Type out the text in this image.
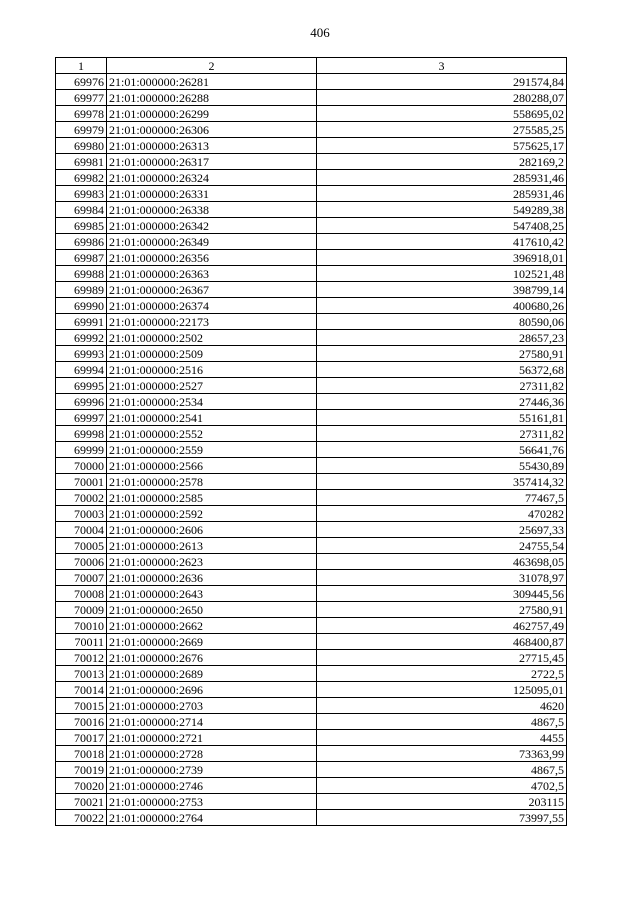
406
1	2	3
69976	21:01:000000:26281	291574,84
69977	21:01:000000:26288	280288,07
69978	21:01:000000:26299	558695,02
69979	21:01:000000:26306	275585,25
69980	21:01:000000:26313	575625,17
69981	21:01:000000:26317	282169,2
69982	21:01:000000:26324	285931,46
69983	21:01:000000:26331	285931,46
69984	21:01:000000:26338	549289,38
69985	21:01:000000:26342	547408,25
69986	21:01:000000:26349	417610,42
69987	21:01:000000:26356	396918,01
69988	21:01:000000:26363	102521,48
69989	21:01:000000:26367	398799,14
69990	21:01:000000:26374	400680,26
69991	21:01:000000:22173	80590,06
69992	21:01:000000:2502	28657,23
69993	21:01:000000:2509	27580,91
69994	21:01:000000:2516	56372,68
69995	21:01:000000:2527	27311,82
69996	21:01:000000:2534	27446,36
69997	21:01:000000:2541	55161,81
69998	21:01:000000:2552	27311,82
69999	21:01:000000:2559	56641,76
70000	21:01:000000:2566	55430,89
70001	21:01:000000:2578	357414,32
70002	21:01:000000:2585	77467,5
70003	21:01:000000:2592	470282
70004	21:01:000000:2606	25697,33
70005	21:01:000000:2613	24755,54
70006	21:01:000000:2623	463698,05
70007	21:01:000000:2636	31078,97
70008	21:01:000000:2643	309445,56
70009	21:01:000000:2650	27580,91
70010	21:01:000000:2662	462757,49
70011	21:01:000000:2669	468400,87
70012	21:01:000000:2676	27715,45
70013	21:01:000000:2689	2722,5
70014	21:01:000000:2696	125095,01
70015	21:01:000000:2703	4620
70016	21:01:000000:2714	4867,5
70017	21:01:000000:2721	4455
70018	21:01:000000:2728	73363,99
70019	21:01:000000:2739	4867,5
70020	21:01:000000:2746	4702,5
70021	21:01:000000:2753	203115
70022	21:01:000000:2764	73997,55
